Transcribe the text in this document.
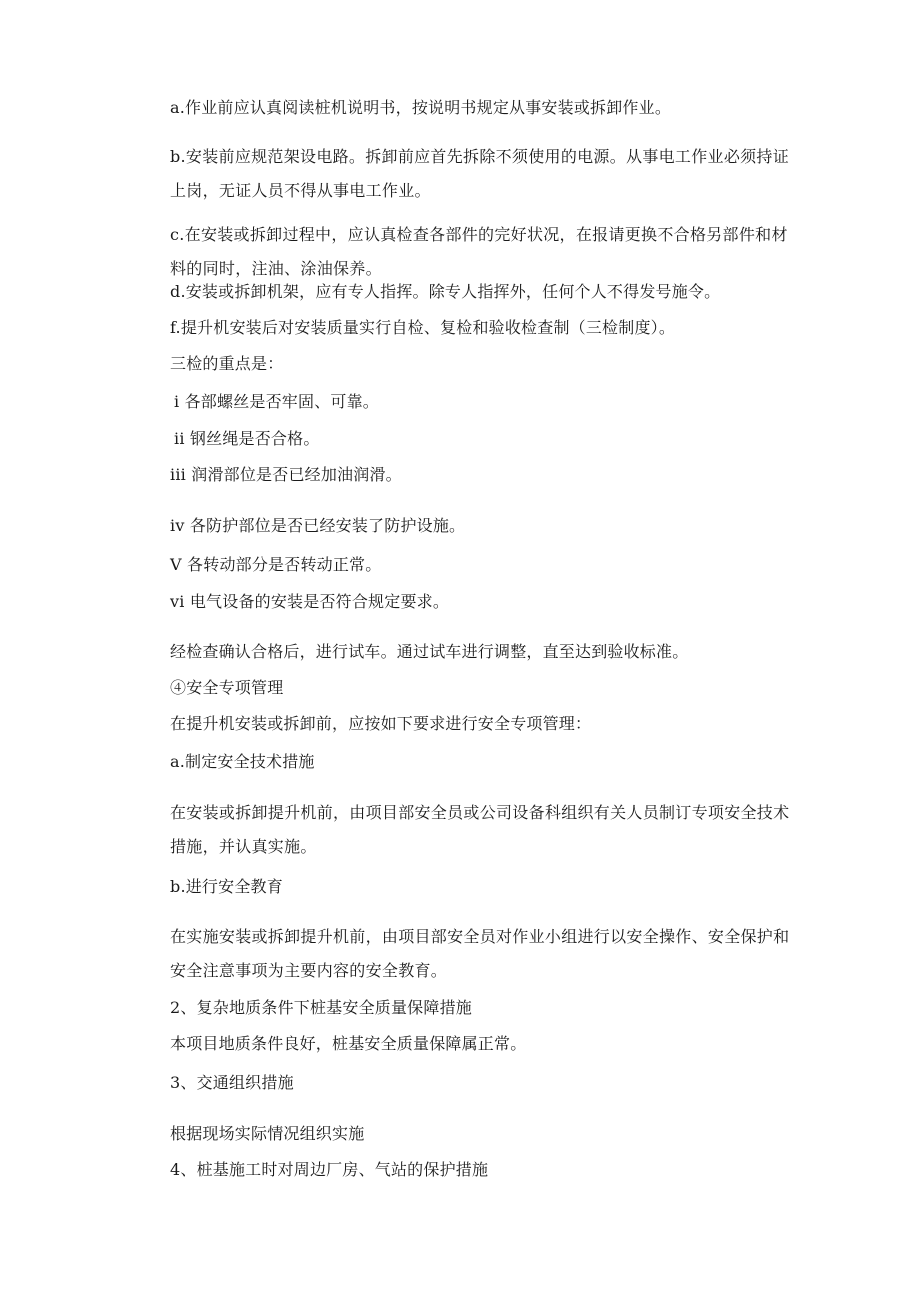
a.作业前应认真阅读桩机说明书，按说明书规定从事安装或拆卸作业。
b.安装前应规范架设电路。拆卸前应首先拆除不须使用的电源。从事电工作业必须持证上岗，无证人员不得从事电工作业。
c.在安装或拆卸过程中，应认真检查各部件的完好状况，在报请更换不合格另部件和材料的同时，注油、涂油保养。
d.安装或拆卸机架，应有专人指挥。除专人指挥外，任何个人不得发号施令。
f.提升机安装后对安装质量实行自检、复检和验收检查制（三检制度）。
三检的重点是：
i 各部螺丝是否牢固、可靠。
ii 钢丝绳是否合格。
iii 润滑部位是否已经加油润滑。
iv 各防护部位是否已经安装了防护设施。
V 各转动部分是否转动正常。
vi 电气设备的安装是否符合规定要求。
经检查确认合格后，进行试车。通过试车进行调整，直至达到验收标准。
④安全专项管理
在提升机安装或拆卸前，应按如下要求进行安全专项管理：
a.制定安全技术措施
在安装或拆卸提升机前，由项目部安全员或公司设备科组织有关人员制订专项安全技术措施，并认真实施。
b.进行安全教育
在实施安装或拆卸提升机前，由项目部安全员对作业小组进行以安全操作、安全保护和安全注意事项为主要内容的安全教育。
2、复杂地质条件下桩基安全质量保障措施
本项目地质条件良好，桩基安全质量保障属正常。
3、交通组织措施
根据现场实际情况组织实施
4、桩基施工时对周边厂房、气站的保护措施
